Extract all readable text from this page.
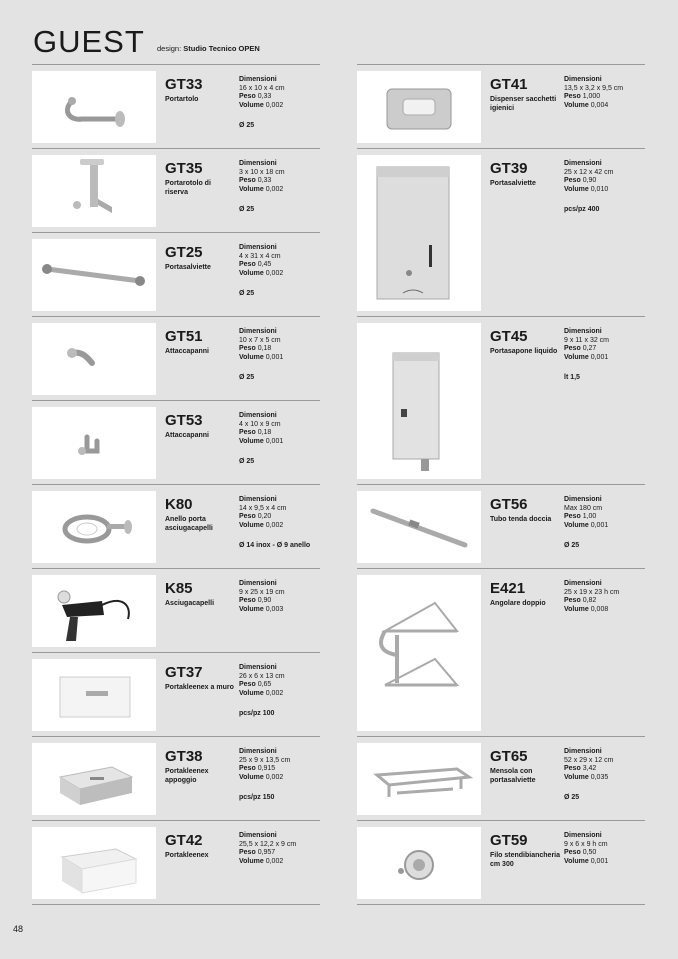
GUEST design: Studio Tecnico OPEN
GT33
Portartolo
Dimensioni
16 x 10 x 4 cm
Peso 0,33
Volume 0,002
Ø 25
GT35
Portarotolo di riserva
Dimensioni
3 x 10 x 18 cm
Peso 0,33
Volume 0,002
Ø 25
GT25
Portasalviette
Dimensioni
4 x 31 x 4 cm
Peso 0,45
Volume 0,002
Ø 25
GT51
Attaccapanni
Dimensioni
10 x 7 x 5 cm
Peso 0,18
Volume 0,001
Ø 25
GT53
Attaccapanni
Dimensioni
4 x 10 x 9 cm
Peso 0,18
Volume 0,001
Ø 25
K80
Anello porta asciugacapelli
Dimensioni
14 x 9,5 x 4 cm
Peso 0,20
Volume 0,002
Ø 14 inox - Ø 9 anello
K85
Asciugacapelli
Dimensioni
9 x 25 x 19 cm
Peso 0,90
Volume 0,003
GT37
Portakleenex a muro
Dimensioni
26 x 6 x 13 cm
Peso 0,65
Volume 0,002
pcs/pz 100
GT38
Portakleenex appoggio
Dimensioni
25 x 9 x 13,5 cm
Peso 0,915
Volume 0,002
pcs/pz 150
GT42
Portakleenex
Dimensioni
25,5 x 12,2 x 9 cm
Peso 0,957
Volume 0,002
GT41
Dispenser sacchetti igienici
Dimensioni
13,5 x 3,2 x 9,5 cm
Peso 1,000
Volume 0,004
GT39
Portasalviette
Dimensioni
25 x 12 x 42 cm
Peso 0,90
Volume 0,010
pcs/pz 400
GT45
Portasapone liquido
Dimensioni
9 x 11 x 32 cm
Peso 0,27
Volume 0,001
lt 1,5
GT56
Tubo tenda doccia
Dimensioni
Max 180 cm
Peso 1,00
Volume 0,001
Ø 25
E421
Angolare doppio
Dimensioni
25 x 19 x 23 h cm
Peso 0,82
Volume 0,008
GT65
Mensola con portasalviette
Dimensioni
52 x 29 x 12 cm
Peso 3,42
Volume 0,035
Ø 25
GT59
Filo stendibiancheria cm 300
Dimensioni
9 x 6 x 9 h cm
Peso 0,50
Volume 0,001
48
